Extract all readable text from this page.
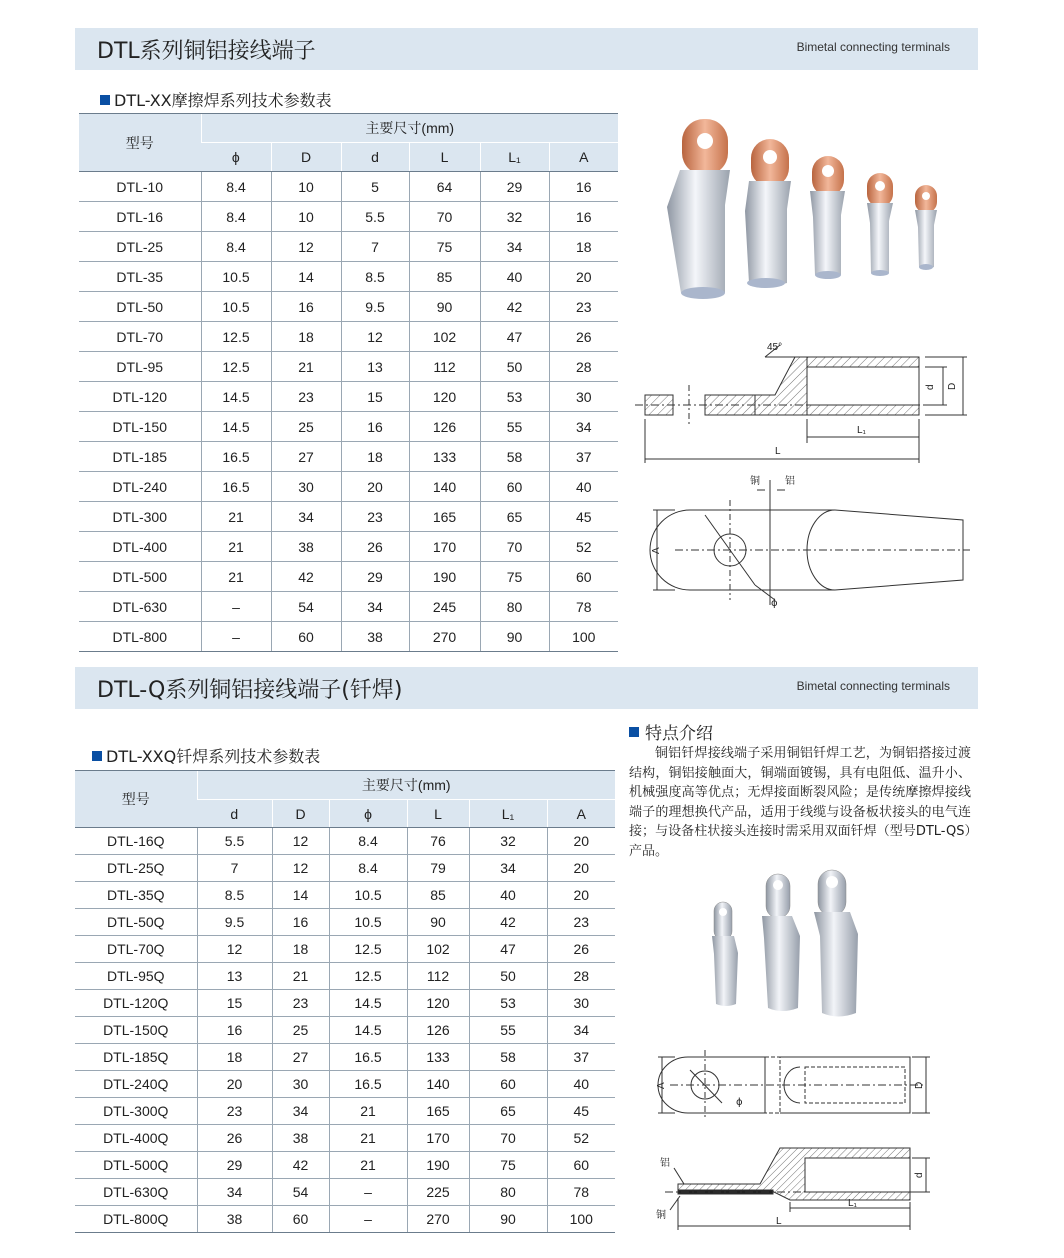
DTL系列铜铝接线端子	Bimetal connecting terminals
DTL-XX摩擦焊系列技术参数表
型号	主要尺寸(mm)					
	ϕ	D	d	L	L₁	A
DTL-10	8.4	10	5	64	29	16
DTL-16	8.4	10	5.5	70	32	16
DTL-25	8.4	12	7	75	34	18
DTL-35	10.5	14	8.5	85	40	20
DTL-50	10.5	16	9.5	90	42	23
DTL-70	12.5	18	12	102	47	26
DTL-95	12.5	21	13	112	50	28
DTL-120	14.5	23	15	120	53	30
DTL-150	14.5	25	16	126	55	34
DTL-185	16.5	27	18	133	58	37
DTL-240	16.5	30	20	140	60	40
DTL-300	21	34	23	165	65	45
DTL-400	21	38	26	170	70	52
DTL-500	21	42	29	190	75	60
DTL-630	–	54	34	245	80	78
DTL-800	–	60	38	270	90	100
45°
d D
L₁
L
铜	铝
A
ϕ
DTL-Q系列铜铝接线端子(钎焊)	Bimetal connecting terminals
DTL-XXQ钎焊系列技术参数表
型号	主要尺寸(mm)					
	d	D	ϕ	L	L₁	A
DTL-16Q	5.5	12	8.4	76	32	20
DTL-25Q	7	12	8.4	79	34	20
DTL-35Q	8.5	14	10.5	85	40	20
DTL-50Q	9.5	16	10.5	90	42	23
DTL-70Q	12	18	12.5	102	47	26
DTL-95Q	13	21	12.5	112	50	28
DTL-120Q	15	23	14.5	120	53	30
DTL-150Q	16	25	14.5	126	55	34
DTL-185Q	18	27	16.5	133	58	37
DTL-240Q	20	30	16.5	140	60	40
DTL-300Q	23	34	21	165	65	45
DTL-400Q	26	38	21	170	70	52
DTL-500Q	29	42	21	190	75	60
DTL-630Q	34	54	–	225	80	78
DTL-800Q	38	60	–	270	90	100
特点介绍
铜铝钎焊接线端子采用铜铝钎焊工艺，为铜铝搭接过渡结构，铜铝接触面大，铜端面镀锡，具有电阻低、温升小、机械强度高等优点；无焊接面断裂风险；是传统摩擦焊接线端子的理想换代产品，适用于线缆与设备板状接头的电气连接；与设备柱状接头连接时需采用双面钎焊（型号DTL-QS）产品。
A
ϕ
D
铝
铜
d
L₁
L
